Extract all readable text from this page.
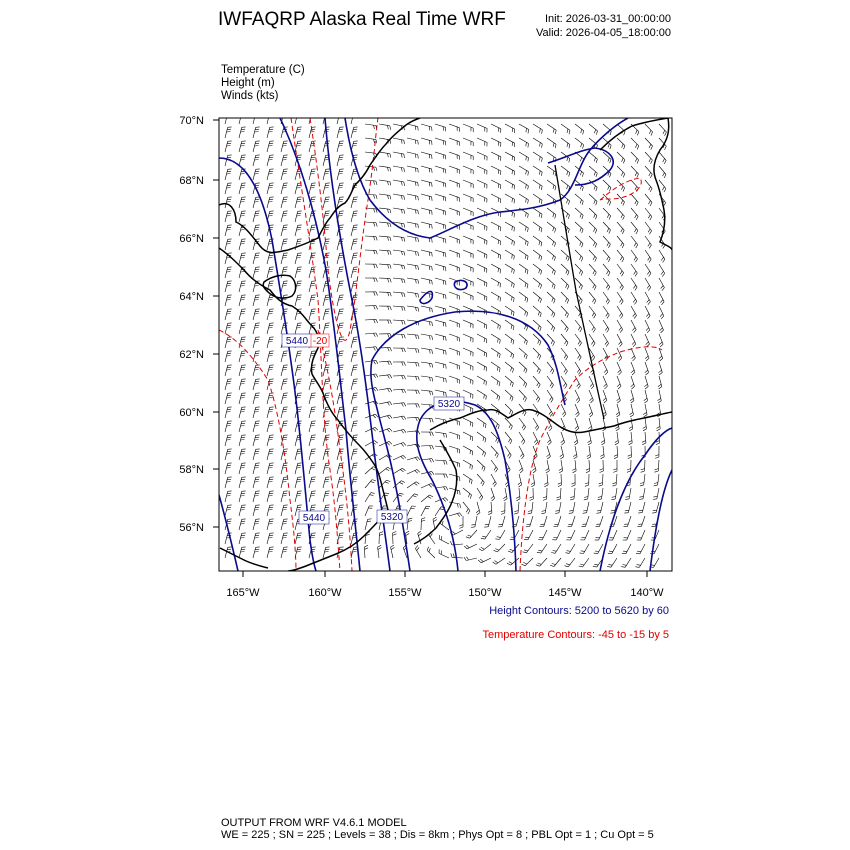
IWFAQRP Alaska Real Time WRF	Init: 2026-03-31_00:00:00
Valid: 2026-04-05_18:00:00
Temperature (C)
Height (m)
Winds (kts)
5440 -20
5320
5440	5320
70°N
68°N
66°N
64°N
62°N
60°N
58°N
56°N
165°W	160°W	155°W	150°W	145°W	140°W
Height Contours: 5200 to 5620 by 60
Temperature Contours: -45 to -15 by 5
OUTPUT FROM WRF V4.6.1 MODEL
WE = 225 ; SN = 225 ; Levels = 38 ; Dis = 8km ; Phys Opt = 8 ; PBL Opt = 1 ; Cu Opt = 5
